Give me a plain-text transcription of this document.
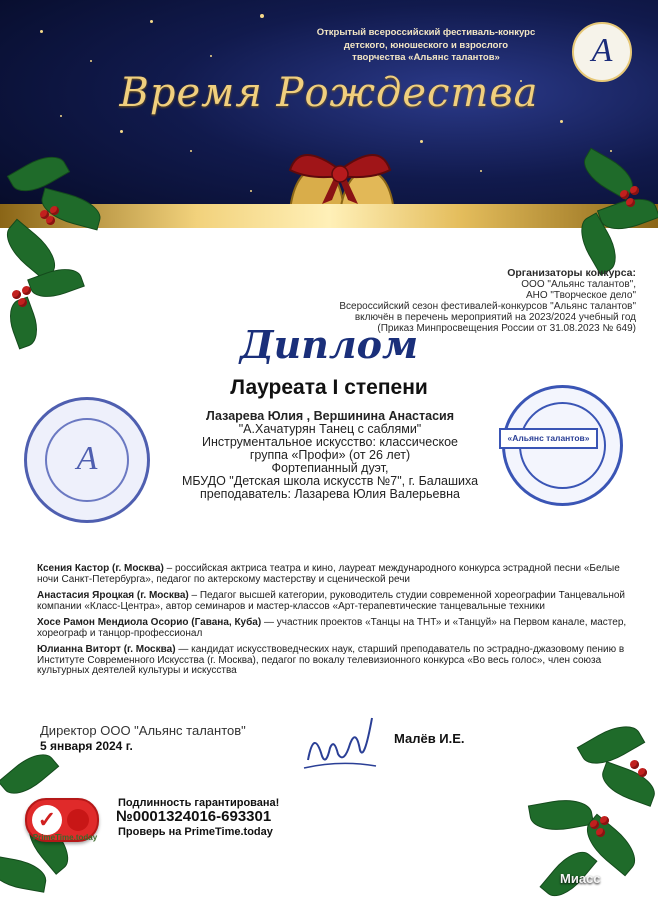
Открытый всероссийский фестиваль-конкурс
детского, юношеского и взрослого
творчества «Альянс талантов»	A
Время Рождества
Организаторы конкурса:
ООО "Альянс талантов",
АНО "Творческое дело"
Всероссийский сезон фестивалей-конкурсов "Альянс талантов"
включён в перечень мероприятий на 2023/2024 учебный год
(Приказ Минпросвещения России от 31.08.2023 № 649)
Диплом
Лауреата I степени
A
«Альянс талантов»
Лазарева Юлия , Вершинина Анастасия
"А.Хачатурян Танец с саблями"
Инструментальное искусство: классическое
группа «Профи» (от 26 лет)
Фортепианный дуэт,
МБУДО "Детская школа искусств №7", г. Балашиха
преподаватель: Лазарева Юлия Валерьевна
Ксения Кастор (г. Москва) – российская актриса театра и кино, лауреат международного конкурса эстрадной песни «Белые ночи Санкт-Петербурга», педагог по актерскому мастерству и сценической речи
Анастасия Яроцкая (г. Москва) – Педагог высшей категории, руководитель студии современной хореографии Танцевальной компании «Класс-Центра», автор семинаров и мастер-классов «Арт-терапевтические танцевальные техники
Хосе Рамон Мендиола Осорио (Гавана, Куба) — участник проектов «Танцы на ТНТ» и «Танцуй» на Первом канале, мастер, хореограф и танцор-профессионал
Юлианна Витopт (г. Москва) — кандидат искусствоведческих наук, старший преподаватель по эстрадно-джазовому пению в Институте Современного Искусства (г. Москва), педагог по вокалу телевизионного конкурса «Во весь голос», член союза культурных деятелей культуры и искусства
Директор ООО "Альянс талантов"
5 января 2024 г.	Малёв И.Е.
✓
PrimeTime.today
Подлинность гарантирована!
№0001324016-693301
Проверь на PrimeTime.today
Миасс
